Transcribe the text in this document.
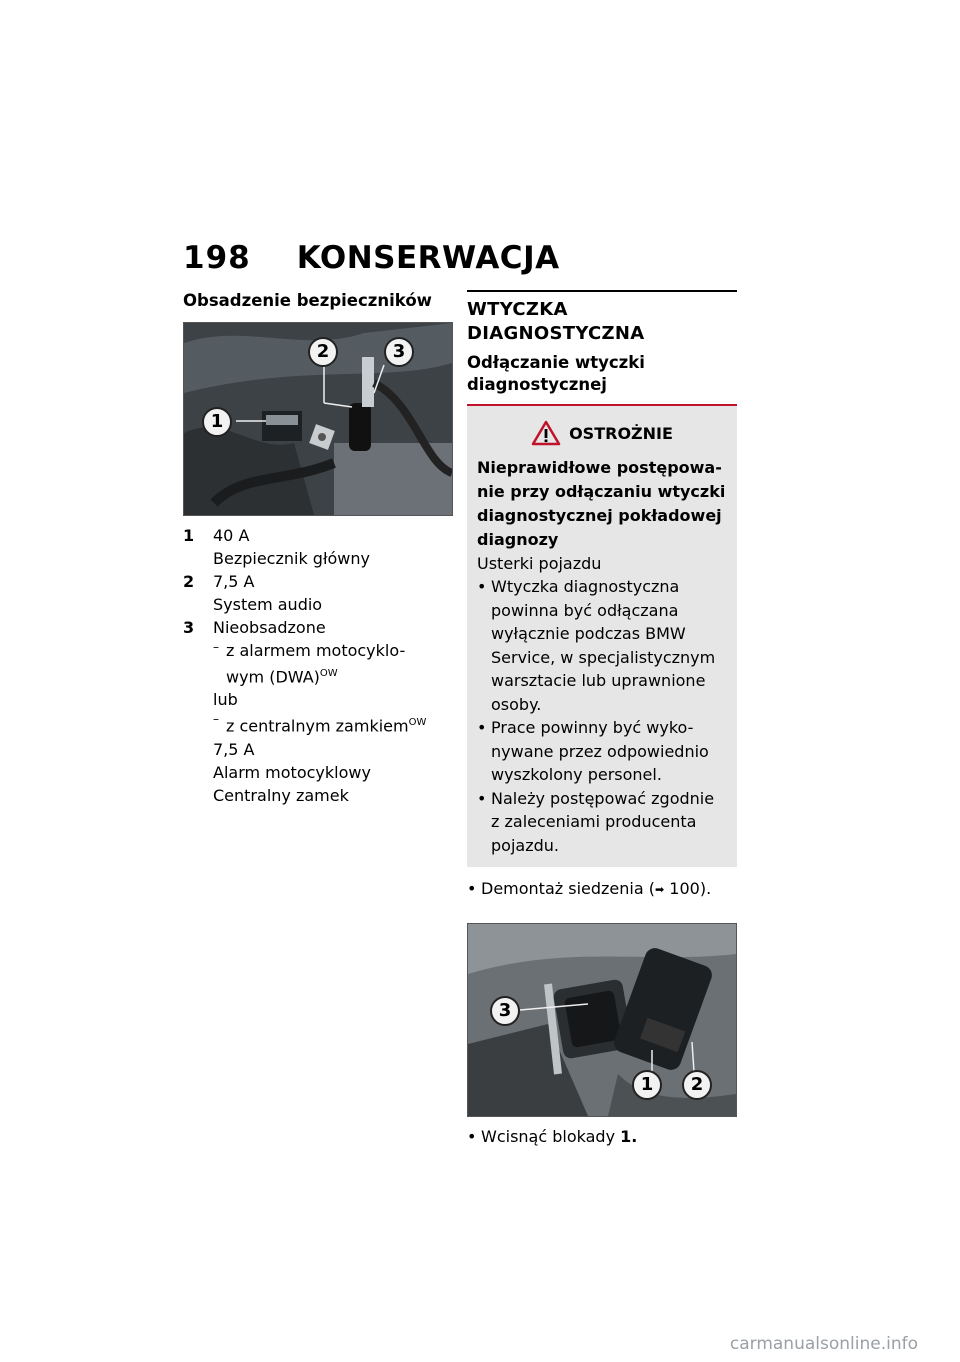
198 KONSERWACJA
Obsadzenie bezpieczników
1
2	3
1	40 A
Bezpiecznik główny
2	7,5 A
System audio
3	Nieobsadzone
– z alarmem motocyklo-
wym (DWA)$^{OW}$
lub
– z centralnym zamkiem$^{OW}$
7,5 A
Alarm motocyklowy
Centralny zamek
WTYCZKA DIAGNOSTYCZNA
Odłączanie wtyczki diagnostycznej
OSTROŻNIE
Nieprawidłowe postępowa- nie przy odłączaniu wtyczki diagnostycznej pokładowej diagnozy
Usterki pojazdu
• Wtyczka diagnostyczna powinna być odłączana wyłącznie podczas BMW Service, w specjalistycznym warsztacie lub uprawnione osoby.
• Prace powinny być wyko- nywane przez odpowiednio wyszkolony personel.
• Należy postępować zgodnie z zaleceniami producenta pojazdu.
• Demontaż siedzenia (➡ 100).
3
1	2
• Wcisnąć blokady 1.
carmanualsonline.info
